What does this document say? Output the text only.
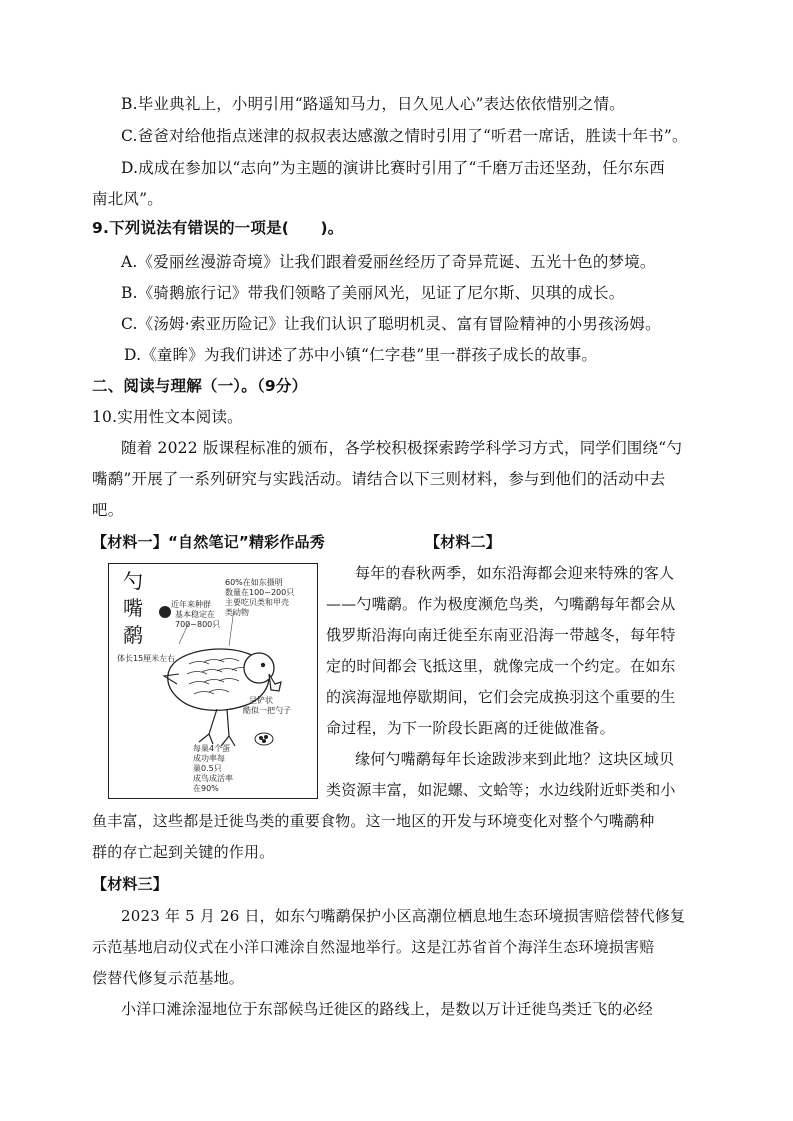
B.毕业典礼上，小明引用“路遥知马力，日久见人心”表达依依惜别之情。
C.爸爸对给他指点迷津的叔叔表达感激之情时引用了“听君一席话，胜读十年书”。
D.成成在参加以“志向”为主题的演讲比赛时引用了“千磨万击还坚劲，任尔东西
南北风”。
9.下列说法有错误的一项是(　　)。
A.《爱丽丝漫游奇境》让我们跟着爱丽丝经历了奇异荒诞、五光十色的梦境。
B.《骑鹅旅行记》带我们领略了美丽风光，见证了尼尔斯、贝琪的成长。
C.《汤姆·索亚历险记》让我们认识了聪明机灵、富有冒险精神的小男孩汤姆。
D.《童眸》为我们讲述了苏中小镇“仁字巷”里一群孩子成长的故事。
二、阅读与理解（一）。（9分）
10.实用性文本阅读。
随着 2022 版课程标准的颁布，各学校积极探索跨学科学习方式，同学们围绕“勺
嘴鹬”开展了一系列研究与实践活动。请结合以下三则材料，参与到他们的活动中去
吧。
【材料一】“自然笔记”精彩作品秀	【材料二】
勺
嘴
鹬
60%在如东摄明
数量在100~200只
主要吃贝类和甲壳
类动物
近年来种群
基本稳定在
700~800只
体长15厘米左右
呈铲状
酷似一把勺子
每巢4个蛋
成功率每
巢0.5只
成鸟成活率
在90%
每年的春秋两季，如东沿海都会迎来特殊的客人
——勺嘴鹬。作为极度濒危鸟类，勺嘴鹬每年都会从
俄罗斯沿海向南迁徙至东南亚沿海一带越冬，每年特
定的时间都会飞抵这里，就像完成一个约定。在如东
的滨海湿地停歇期间，它们会完成换羽这个重要的生
命过程，为下一阶段长距离的迁徙做准备。
缘何勺嘴鹬每年长途跋涉来到此地？这块区域贝
类资源丰富，如泥螺、文蛤等；水边线附近虾类和小
鱼丰富，这些都是迁徙鸟类的重要食物。这一地区的开发与环境变化对整个勺嘴鹬种
群的存亡起到关键的作用。
【材料三】
2023 年 5 月 26 日，如东勺嘴鹬保护小区高潮位栖息地生态环境损害赔偿替代修复
示范基地启动仪式在小洋口滩涂自然湿地举行。这是江苏省首个海洋生态环境损害赔
偿替代修复示范基地。
小洋口滩涂湿地位于东部候鸟迁徙区的路线上，是数以万计迁徙鸟类迁飞的必经
